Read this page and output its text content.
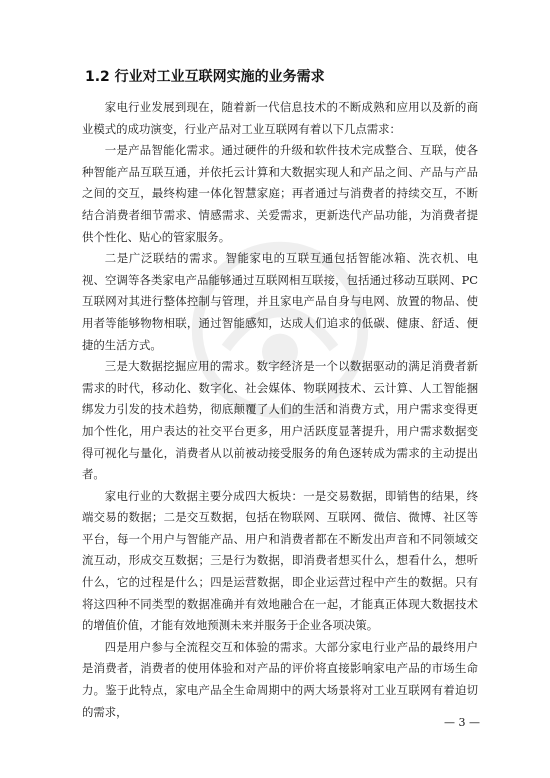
1.2 行业对工业互联网实施的业务需求

家电行业发展到现在，随着新一代信息技术的不断成熟和应用以及新的商业模式的成功演变，行业产品对工业互联网有着以下几点需求：

一是产品智能化需求。通过硬件的升级和软件技术完成整合、互联，使各种智能产品互联互通，并依托云计算和大数据实现人和产品之间、产品与产品之间的交互，最终构建一体化智慧家庭；再者通过与消费者的持续交互，不断结合消费者细节需求、情感需求、关爱需求，更新迭代产品功能，为消费者提供个性化、贴心的管家服务。

二是广泛联结的需求。智能家电的互联互通包括智能冰箱、洗衣机、电视、空调等各类家电产品能够通过互联网相互联接，包括通过移动互联网、PC 互联网对其进行整体控制与管理，并且家电产品自身与电网、放置的物品、使用者等能够物物相联，通过智能感知，达成人们追求的低碳、健康、舒适、便捷的生活方式。

三是大数据挖掘应用的需求。数字经济是一个以数据驱动的满足消费者新需求的时代，移动化、数字化、社会媒体、物联网技术、云计算、人工智能捆绑发力引发的技术趋势，彻底颠覆了人们的生活和消费方式，用户需求变得更加个性化，用户表达的社交平台更多，用户活跃度显著提升，用户需求数据变得可视化与量化，消费者从以前被动接受服务的角色逐转成为需求的主动提出者。

家电行业的大数据主要分成四大板块：一是交易数据，即销售的结果，终端交易的数据；二是交互数据，包括在物联网、互联网、微信、微博、社区等平台，每一个用户与智能产品、用户和消费者都在不断发出声音和不同领域交流互动，形成交互数据；三是行为数据，即消费者想买什么，想看什么，想听什么，它的过程是什么；四是运营数据，即企业运营过程中产生的数据。只有将这四种不同类型的数据准确并有效地融合在一起，才能真正体现大数据技术的增值价值，才能有效地预测未来并服务于企业各项决策。

四是用户参与全流程交互和体验的需求。大部分家电行业产品的最终用户是消费者，消费者的使用体验和对产品的评价将直接影响家电产品的市场生命力。鉴于此特点，家电产品全生命周期中的两大场景将对工业互联网有着迫切的需求，

— 3 —
